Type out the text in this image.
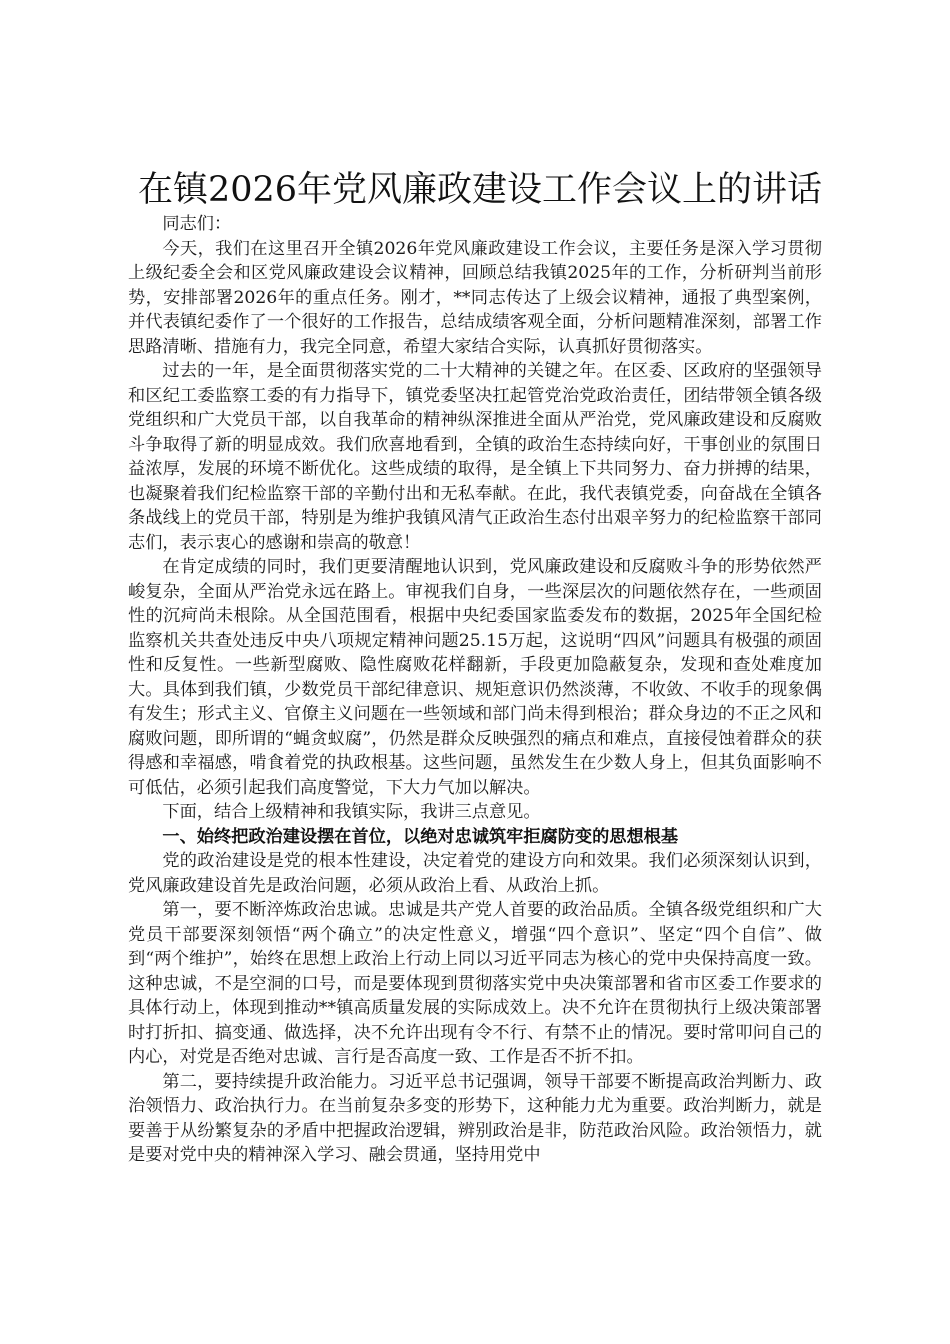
在镇2026年党风廉政建设工作会议上的讲话

同志们：

今天，我们在这里召开全镇2026年党风廉政建设工作会议，主要任务是深入学习贯彻上级纪委全会和区党风廉政建设会议精神，回顾总结我镇2025年的工作，分析研判当前形势，安排部署2026年的重点任务。刚才，**同志传达了上级会议精神，通报了典型案例，并代表镇纪委作了一个很好的工作报告，总结成绩客观全面，分析问题精准深刻，部署工作思路清晰、措施有力，我完全同意，希望大家结合实际，认真抓好贯彻落实。

过去的一年，是全面贯彻落实党的二十大精神的关键之年。在区委、区政府的坚强领导和区纪工委监察工委的有力指导下，镇党委坚决扛起管党治党政治责任，团结带领全镇各级党组织和广大党员干部，以自我革命的精神纵深推进全面从严治党，党风廉政建设和反腐败斗争取得了新的明显成效。我们欣喜地看到，全镇的政治生态持续向好，干事创业的氛围日益浓厚，发展的环境不断优化。这些成绩的取得，是全镇上下共同努力、奋力拼搏的结果，也凝聚着我们纪检监察干部的辛勤付出和无私奉献。在此，我代表镇党委，向奋战在全镇各条战线上的党员干部，特别是为维护我镇风清气正政治生态付出艰辛努力的纪检监察干部同志们，表示衷心的感谢和崇高的敬意！

在肯定成绩的同时，我们更要清醒地认识到，党风廉政建设和反腐败斗争的形势依然严峻复杂，全面从严治党永远在路上。审视我们自身，一些深层次的问题依然存在，一些顽固性的沉疴尚未根除。从全国范围看，根据中央纪委国家监委发布的数据，2025年全国纪检监察机关共查处违反中央八项规定精神问题25.15万起，这说明“四风”问题具有极强的顽固性和反复性。一些新型腐败、隐性腐败花样翻新，手段更加隐蔽复杂，发现和查处难度加大。具体到我们镇，少数党员干部纪律意识、规矩意识仍然淡薄，不收敛、不收手的现象偶有发生；形式主义、官僚主义问题在一些领域和部门尚未得到根治；群众身边的不正之风和腐败问题，即所谓的“蝇贪蚁腐”，仍然是群众反映强烈的痛点和难点，直接侵蚀着群众的获得感和幸福感，啃食着党的执政根基。这些问题，虽然发生在少数人身上，但其负面影响不可低估，必须引起我们高度警觉，下大力气加以解决。

下面，结合上级精神和我镇实际，我讲三点意见。

一、始终把政治建设摆在首位，以绝对忠诚筑牢拒腐防变的思想根基

党的政治建设是党的根本性建设，决定着党的建设方向和效果。我们必须深刻认识到，党风廉政建设首先是政治问题，必须从政治上看、从政治上抓。

第一，要不断淬炼政治忠诚。忠诚是共产党人首要的政治品质。全镇各级党组织和广大党员干部要深刻领悟“两个确立”的决定性意义，增强“四个意识”、坚定“四个自信”、做到“两个维护”，始终在思想上政治上行动上同以习近平同志为核心的党中央保持高度一致。这种忠诚，不是空洞的口号，而是要体现到贯彻落实党中央决策部署和省市区委工作要求的具体行动上，体现到推动**镇高质量发展的实际成效上。决不允许在贯彻执行上级决策部署时打折扣、搞变通、做选择，决不允许出现有令不行、有禁不止的情况。要时常叩问自己的内心，对党是否绝对忠诚、言行是否高度一致、工作是否不折不扣。

第二，要持续提升政治能力。习近平总书记强调，领导干部要不断提高政治判断力、政治领悟力、政治执行力。在当前复杂多变的形势下，这种能力尤为重要。政治判断力，就是要善于从纷繁复杂的矛盾中把握政治逻辑，辨别政治是非，防范政治风险。政治领悟力，就是要对党中央的精神深入学习、融会贯通，坚持用党中
